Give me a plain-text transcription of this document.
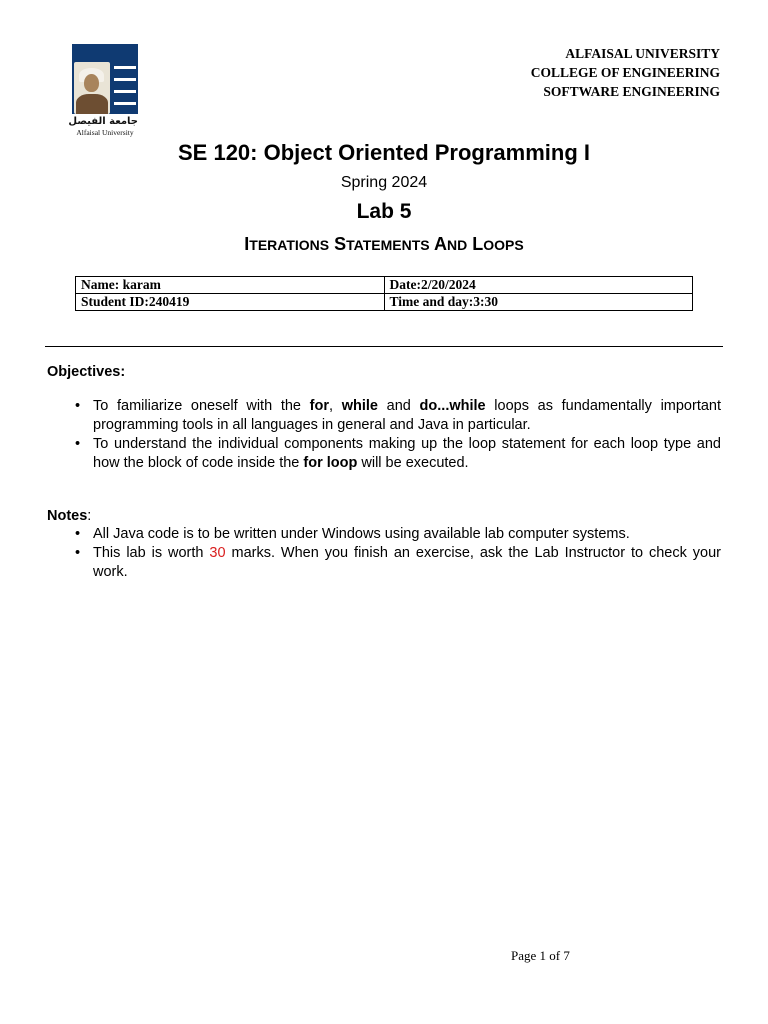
جامعة الفيصل
Alfaisal University
ALFAISAL UNIVERSITY
COLLEGE OF ENGINEERING
SOFTWARE ENGINEERING
SE 120: Object Oriented Programming I
Spring 2024
Lab 5
ITERATIONS STATEMENTS AND LOOPS
Name: karam	Date:2/20/2024
Student ID:240419	Time and day:3:30
Objectives:
• To familiarize oneself with the for, while and do...while loops as fundamentally important programming tools in all languages in general and Java in particular.
• To understand the individual components making up the loop statement for each loop type and how the block of code inside the for loop will be executed.
Notes:
• All Java code is to be written under Windows using available lab computer systems.
• This lab is worth 30 marks. When you finish an exercise, ask the Lab Instructor to check your work.
Page 1 of 7
